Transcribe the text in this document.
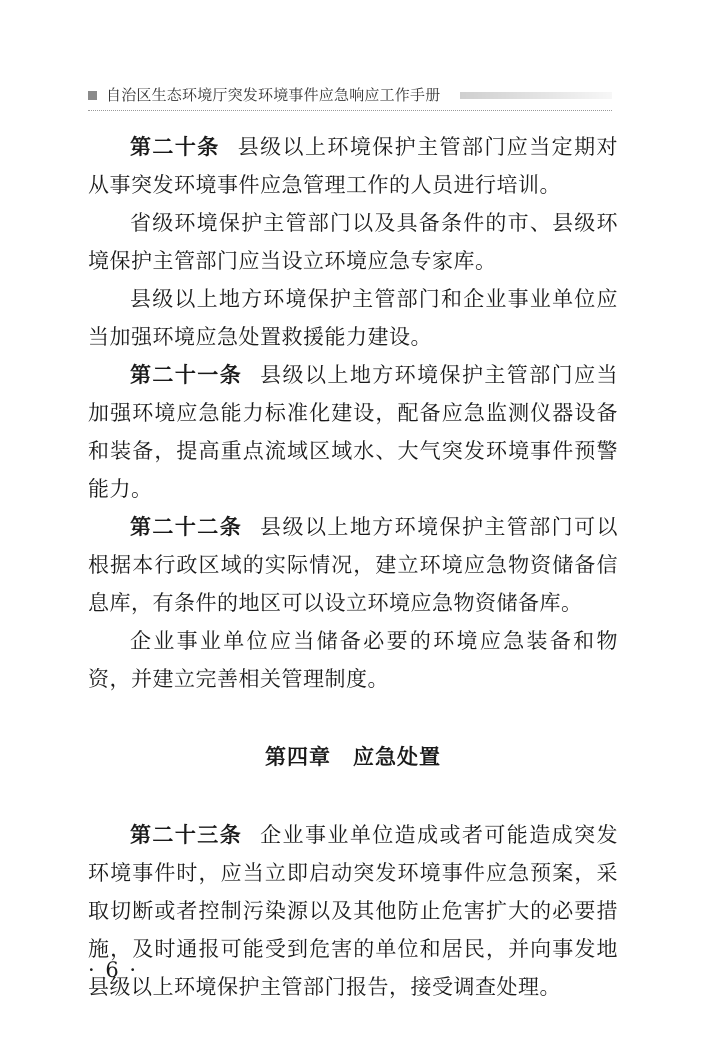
自治区生态环境厅突发环境事件应急响应工作手册

第二十条 县级以上环境保护主管部门应当定期对从事突发环境事件应急管理工作的人员进行培训。

省级环境保护主管部门以及具备条件的市、县级环境保护主管部门应当设立环境应急专家库。

县级以上地方环境保护主管部门和企业事业单位应当加强环境应急处置救援能力建设。

第二十一条 县级以上地方环境保护主管部门应当加强环境应急能力标准化建设，配备应急监测仪器设备和装备，提高重点流域区域水、大气突发环境事件预警能力。

第二十二条 县级以上地方环境保护主管部门可以根据本行政区域的实际情况，建立环境应急物资储备信息库，有条件的地区可以设立环境应急物资储备库。

企业事业单位应当储备必要的环境应急装备和物资，并建立完善相关管理制度。

第四章 应急处置

第二十三条 企业事业单位造成或者可能造成突发环境事件时，应当立即启动突发环境事件应急预案，采取切断或者控制污染源以及其他防止危害扩大的必要措施，及时通报可能受到危害的单位和居民，并向事发地县级以上环境保护主管部门报告，接受调查处理。

· 6 ·
